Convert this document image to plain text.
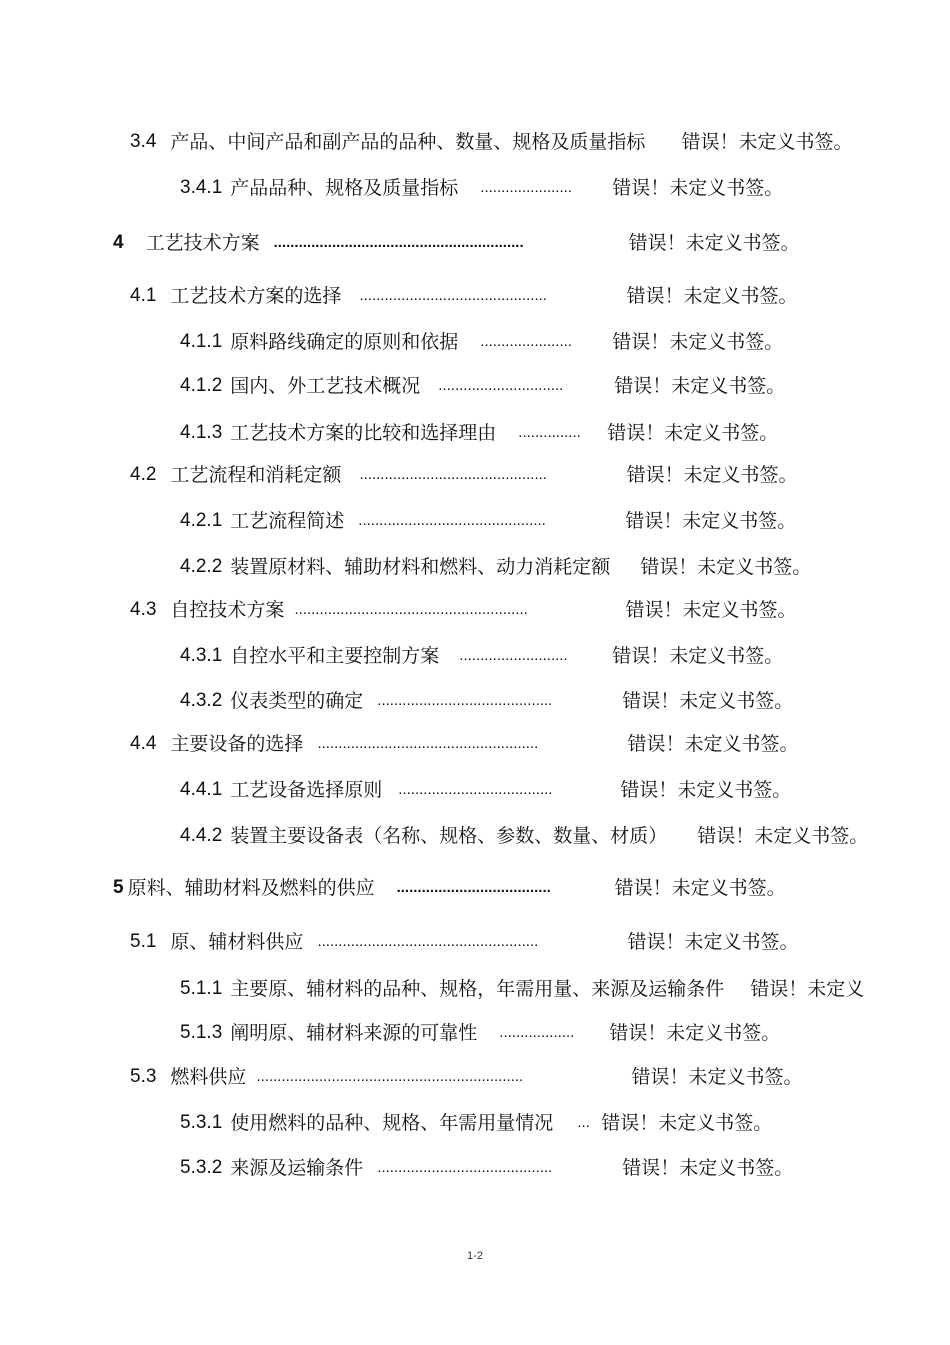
3.4 产品、中间产品和副产品的品种、数量、规格及质量指标 错误！未定义书签。
3.4.1 产品品种、规格及质量指标 ......................	错误！未定义书签。
4 工艺技术方案 ............................................................	错误！未定义书签。
4.1 工艺技术方案的选择 .............................................	错误！未定义书签。
4.1.1 原料路线确定的原则和依据 ......................	错误！未定义书签。
4.1.2 国内、外工艺技术概况 ..............................	错误！未定义书签。
4.1.3 工艺技术方案的比较和选择理由 ...............	错误！未定义书签。
4.2 工艺流程和消耗定额 .............................................	错误！未定义书签。
4.2.1 工艺流程简述 .............................................	错误！未定义书签。
4.2.2 装置原材料、辅助材料和燃料、动力消耗定额 错误！未定义书签。
4.3 自控技术方案 ........................................................	错误！未定义书签。
4.3.1 自控水平和主要控制方案 ..........................	错误！未定义书签。
4.3.2 仪表类型的确定 ..........................................	错误！未定义书签。
4.4 主要设备的选择 .....................................................	错误！未定义书签。
4.4.1 工艺设备选择原则 .....................................	错误！未定义书签。
4.4.2 装置主要设备表（名称、规格、参数、数量、材质） 错误！未定义书签。
5 原料、辅助材料及燃料的供应 .....................................	错误！未定义书签。
5.1 原、辅材料供应 .....................................................	错误！未定义书签。
5.1.1 主要原、辅材料的品种、规格，年需用量、来源及运输条件 错误！未定义
5.1.3 阐明原、辅材料来源的可靠性 ..................	错误！未定义书签。
5.3 燃料供应 ................................................................	错误！未定义书签。
5.3.1 使用燃料的品种、规格、年需用量情况 ... 错误！未定义书签。
5.3.2 来源及运输条件 ..........................................	错误！未定义书签。
1-2
